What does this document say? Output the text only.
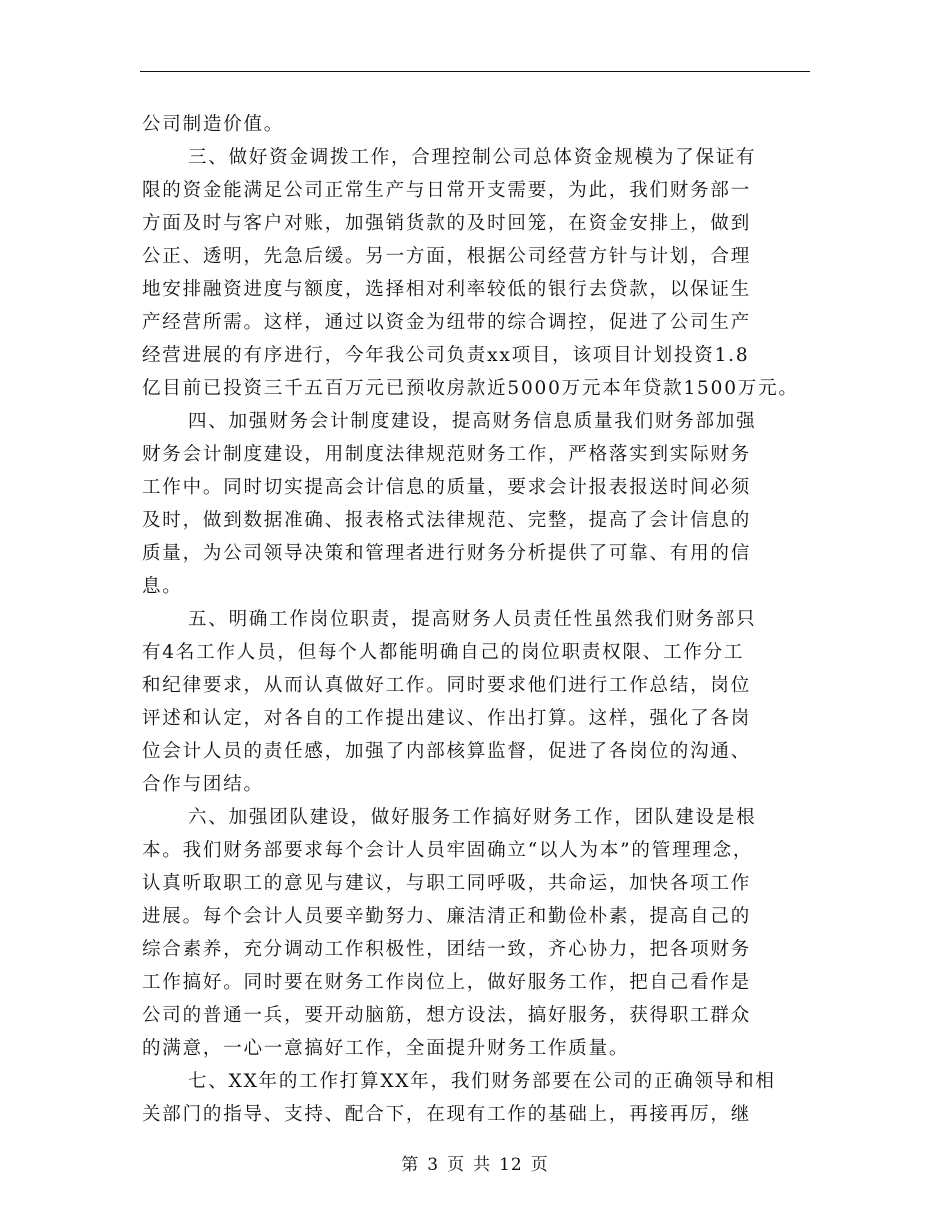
公司制造价值。
三、做好资金调拨工作，合理控制公司总体资金规模为了保证有
限的资金能满足公司正常生产与日常开支需要，为此，我们财务部一
方面及时与客户对账，加强销货款的及时回笼，在资金安排上，做到
公正、透明，先急后缓。另一方面，根据公司经营方针与计划，合理
地安排融资进度与额度，选择相对利率较低的银行去贷款，以保证生
产经营所需。这样，通过以资金为纽带的综合调控，促进了公司生产
经营进展的有序进行，今年我公司负责xx项目，该项目计划投资1.8
亿目前已投资三千五百万元已预收房款近5000万元本年贷款1500万元。
四、加强财务会计制度建设，提高财务信息质量我们财务部加强
财务会计制度建设，用制度法律规范财务工作，严格落实到实际财务
工作中。同时切实提高会计信息的质量，要求会计报表报送时间必须
及时，做到数据准确、报表格式法律规范、完整，提高了会计信息的
质量，为公司领导决策和管理者进行财务分析提供了可靠、有用的信
息。
五、明确工作岗位职责，提高财务人员责任性虽然我们财务部只
有4名工作人员，但每个人都能明确自己的岗位职责权限、工作分工
和纪律要求，从而认真做好工作。同时要求他们进行工作总结，岗位
评述和认定，对各自的工作提出建议、作出打算。这样，强化了各岗
位会计人员的责任感，加强了内部核算监督，促进了各岗位的沟通、
合作与团结。
六、加强团队建设，做好服务工作搞好财务工作，团队建设是根
本。我们财务部要求每个会计人员牢固确立“以人为本”的管理理念，
认真听取职工的意见与建议，与职工同呼吸，共命运，加快各项工作
进展。每个会计人员要辛勤努力、廉洁清正和勤俭朴素，提高自己的
综合素养，充分调动工作积极性，团结一致，齐心协力，把各项财务
工作搞好。同时要在财务工作岗位上，做好服务工作，把自己看作是
公司的普通一兵，要开动脑筋，想方设法，搞好服务，获得职工群众
的满意，一心一意搞好工作，全面提升财务工作质量。
七、XX年的工作打算XX年，我们财务部要在公司的正确领导和相
关部门的指导、支持、配合下，在现有工作的基础上，再接再厉，继
第 3 页 共 12 页
